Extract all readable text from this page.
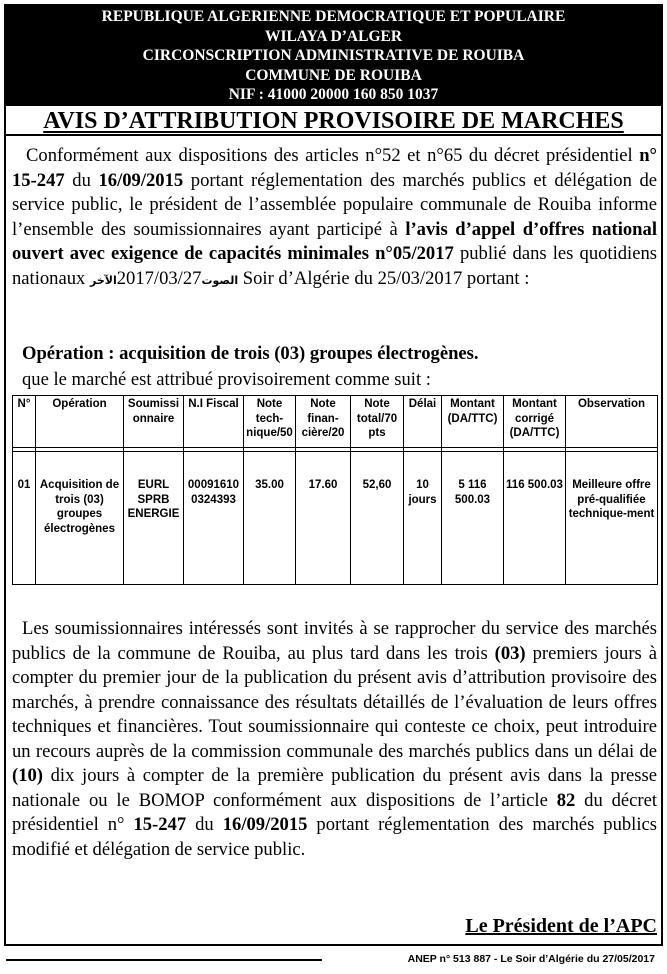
REPUBLIQUE ALGERIENNE DEMOCRATIQUE ET POPULAIRE
WILAYA D’ALGER
CIRCONSCRIPTION ADMINISTRATIVE DE ROUIBA
COMMUNE DE ROUIBA
NIF : 41000 20000 160 850 1037
AVIS D’ATTRIBUTION PROVISOIRE DE MARCHES
Conformément aux dispositions des articles n°52 et n°65 du décret présidentiel n° 15-247 du 16/09/2015 portant réglementation des marchés publics et délégation de service public, le président de l’assemblée populaire communale de Rouiba informe l’ensemble des soumissionnaires ayant participé à l’avis d’appel d’offres national ouvert avec exigence de capacités minimales n°05/2017 publié dans les quotidiens nationaux	الصوت2017/03/27الآخر	Soir d’Algérie du 25/03/2017 portant :
Opération : acquisition de trois (03) groupes électrogènes.
que le marché est attribué provisoirement comme suit :
N°	Opération	Soumissi onnaire	N.I Fiscal	Note tech-nique/50	Note finan-cière/20	Note total/70 pts	Délai	Montant (DA/TTC)	Montant corrigé (DA/TTC)	Observation

01	Acquisition de trois (03) groupes électrogènes	EURL SPRB ENERGIE	00091610 0324393	35.00	17.60	52,60	10 jours	5 116 500.03	116 500.03	Meilleure offre pré-qualifiée technique-ment
Les soumissionnaires intéressés sont invités à se rapprocher du service des marchés publics de la commune de Rouiba, au plus tard dans les trois (03) premiers jours à compter du premier jour de la publication du présent avis d’attribution provisoire des marchés, à prendre connaissance des résultats détaillés de l’évaluation de leurs offres techniques et financières. Tout soumissionnaire qui conteste ce choix, peut introduire un recours auprès de la commission communale des marchés publics dans un délai de (10) dix jours à compter de la première publication du présent avis dans la presse nationale ou le BOMOP conformément aux dispositions de l’article 82 du décret présidentiel n° 15-247 du 16/09/2015 portant réglementation des marchés publics modifié et délégation de service public.
Le Président de l’APC
ANEP n° 513 887 - Le Soir d’Algérie du 27/05/2017
